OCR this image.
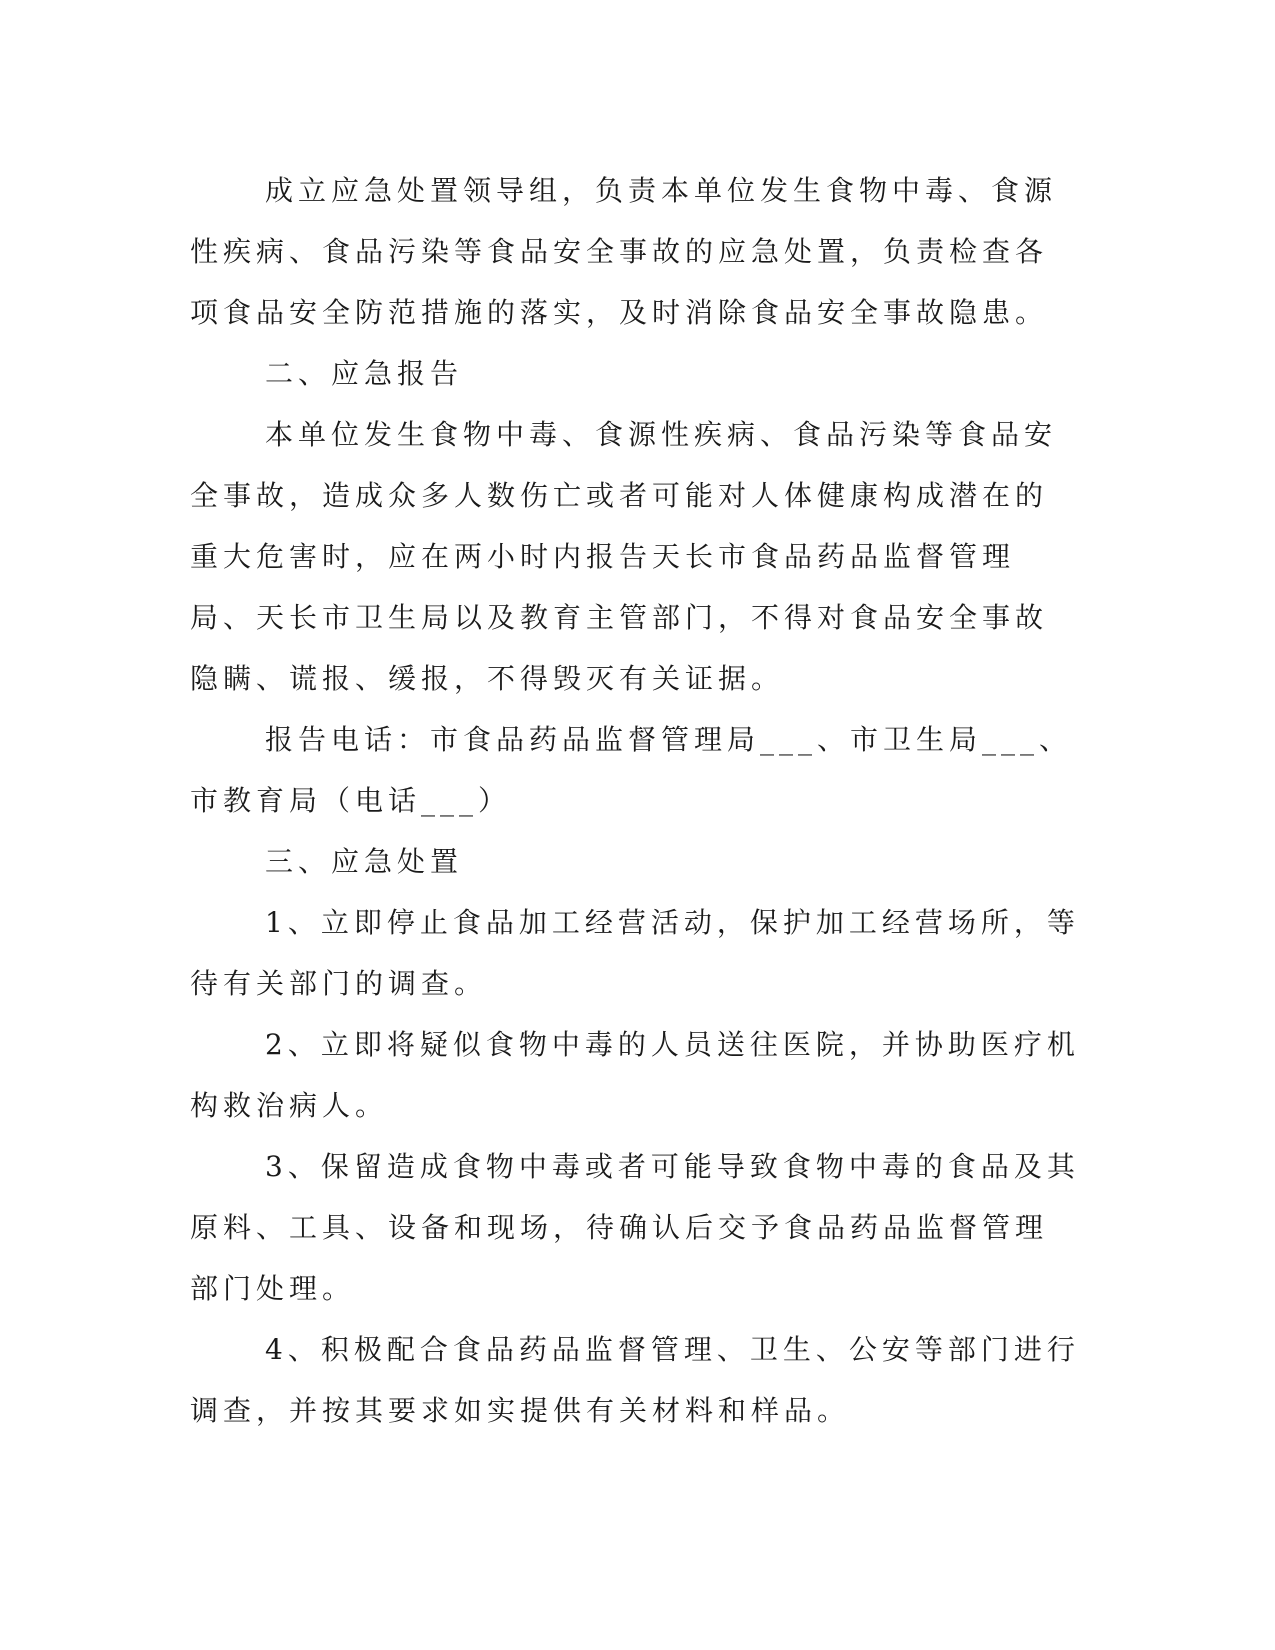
成立应急处置领导组，负责本单位发生食物中毒、食源性疾病、食品污染等食品安全事故的应急处置，负责检查各项食品安全防范措施的落实，及时消除食品安全事故隐患。

二、应急报告

本单位发生食物中毒、食源性疾病、食品污染等食品安全事故，造成众多人数伤亡或者可能对人体健康构成潜在的重大危害时，应在两小时内报告天长市食品药品监督管理局、天长市卫生局以及教育主管部门，不得对食品安全事故隐瞒、谎报、缓报，不得毁灭有关证据。

报告电话：市食品药品监督管理局___、市卫生局___、市教育局（电话___）

三、应急处置

1、立即停止食品加工经营活动，保护加工经营场所，等待有关部门的调查。

2、立即将疑似食物中毒的人员送往医院，并协助医疗机构救治病人。

3、保留造成食物中毒或者可能导致食物中毒的食品及其原料、工具、设备和现场，待确认后交予食品药品监督管理部门处理。

4、积极配合食品药品监督管理、卫生、公安等部门进行调查，并按其要求如实提供有关材料和样品。
